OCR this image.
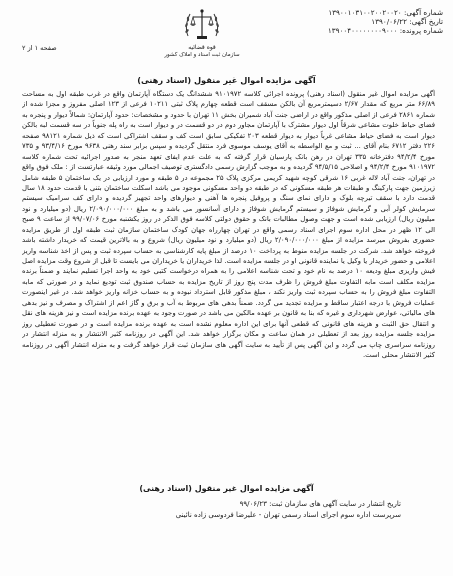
شماره آگهی: ۱۳۹۰۰۱۰۳۱۰۰۲۰۰۲۰۰۲۰
تاریخ آگهی: ۱۳۹۰/۰۶/۲۲
شماره پرونده: ۱۳۹۰۰۴۰۰۰۰۰۰۰۰۹۰۰۰
قوه قضائیه
سازمان ثبت اسناد و املاک کشور
صفحه ۱ از ۲
آگهی مزایده اموال غیر منقول (اسناد رهنی)
آگهی مزایده اموال غیر منقول (اسناد رهنی) پرونده اجرائی کلاسه ۹۱۰۱۹۷۲ ششدانگ یک دستگاه آپارتمان واقع در غرب طبقه اول به مساحت ۶۶/۸۹ متر مربع که مقدار ۲/۶۷ دسیمترمربع آن بالکن مسقف است قطعه چهارم پلاک ثبتی ۱۰۲۱۱ فرعی از ۱۲۳ اصلی مفروز و مجزا شده از شماره ۲۸۶۱ فرعی از اصلی مذکور واقع در اراضی جنت آباد شمیران بخش ۱۱ تهران با حدود و مشخصات: حدود آپارتمان: شمالاً دیوار و پنجره به فضای حیاط خلوت مشاعی شرقاً اول دیوار مشترک با آپارتمان مجاور دوم در دو قسمت در و دیوار است به راه پله جنوباً در سه قسمت لبه بالکن دیوار است به فضای حیاط مشاعی غرباً دیوار به دیوار قطعه ۲۰۳ تفکیکی سابق است کف و سقف اشتراکی است که ذیل شماره ۹۸۱۲۱ صفحه ۲۲۶ دفتر ۶۷۱۲ بنام آقای ... ثبت و مع الواسطه به آقای یوسف موسوی فرد منتقل گردیده و سپس برابر سند رهنی ۹۶۳۸ مورخ ۹۳/۴/۱۶ و ۷۳۵ مورخ ۹۴/۲/۴ دفترخانه ۳۳۵ تهران در رهن بانک پارسیان قرار گرفته که به علت عدم ایفای تعهد منجر به صدور اجرائیه تحت شماره کلاسه ۹۱۰۱۹۷۲ مورخ ۹۴/۲/۴ و اصلاحی ۹۴/۵/۱۵ گردیده و به موجب گزارش رسمی دادگستری توصیف اجمالی مورد وثیقه عبارتست از : ملک فوق واقع در تهران، جنت آباد لاله غربی ۱۶ شرقی کوچه شهید کریمی مرکزی پلاک ۲۵ مجموعه در ۵ طبقه و مورد ارزیابی در یک ساختمان ۵ طبقه شامل زیرزمین جهت پارکینگ و طبقات هر طبقه مسکونی که در طبقه دو واحد مسکونی موجود می باشد اسکلت ساختمان بتنی با قدمت حدود ۱۸ سال قدمت دارد با سقف تیرچه بلوک و دارای نمای سنگ و پروفیل پنجره ها آهنی و دیوارهای واحد تجهیز گردیده و دارای کف سرامیک سیستم سرمایش کولر آبی و گرمایش شوفاژ و سیستم گرمایش شوفاژ و دارای آسانسور می باشد و به مبلغ ۲/۰۹۰/۰۰۰/۰۰۰ ریال (دو میلیارد و نود میلیون ریال) ارزیابی شده است و جهت وصول مطالبات بانک و حقوق دولتی کلاسه فوق الذکر در روز یکشنبه مورخ ۹۹/۰۷/۰۶ از ساعت ۹ صبح الی ۱۲ ظهر در محل اداره سوم اجرای اسناد رسمی واقع در تهران چهارراه جهان کودک ساختمان سازمان ثبت طبقه اول از طریق مزایده حضوری بفروش میرسد مزایده از مبلغ ۲/۰۹۰/۰۰۰/۰۰۰ ریال (دو میلیارد و نود میلیون ریال) شروع و به بالاترین قیمت که خریدار داشته باشد فروخته خواهد شد. شرکت در جلسه مزایده منوط به پرداخت ۱۰ درصد از مبلغ پایه کارشناسی به حساب سپرده ثبت و پس از اخذ شناسه واریز اعلامی و حضور خریدار یا وکیل یا نماینده قانونی او در جلسه مزایده است. لذا خریداران یا خریداران می بایست تا قبل از شروع وقت مزایده اصل فیش واریزی مبلغ ودیعه ۱۰ درصد به نام خود و تحت شناسه اعلامی را به همراه درخواست کتبی خود به واحد اجرا تسلیم نمایند و ضمناً برنده مزایده مکلف است مابه التفاوت مبلغ فروش را ظرف مدت پنج روز از تاریخ مزایده به حساب صندوق ثبت تودیع نماید و در صورتی که مابه التفاوت مبلغ فروش را به حساب سپرده ثبت واریز نکند ، مبلغ مذکور قابل استرداد نبوده و به حساب خزانه واریز خواهد شد. در غیر اینصورت عملیات فروش با درجه اعتبار ساقط و مزایده تجدید می گردد. ضمناً بدهی های مربوط به آب و برق و گاز اعم از اشتراک و مصرف و نیز بدهی های مالیاتی، عوارض شهرداری و غیره که بنا به قانون بر عهده مالکین می باشد در صورت وجود به عهده برنده مزایده است و نیز هزینه های نقل و انتقال حق الثبت و هزینه های قانونی که قطعی آنها برای این اداره معلوم نشده است به عهده برنده مزایده است و در صورت تعطیلی روز مزایده جلسه مزایده روز بعد از تعطیلی در همان ساعت و مکان برگزار خواهد شد. این آگهی در روزنامه کثیر الانتشار و به منزله انتشار در روزنامه سراسری چاپ می گردد و این آگهی پس از تأیید به سایت آگهی های سازمان ثبت قرار خواهد گرفت و به منزله انتشار آگهی در روزنامه کثیر الانتشار محلی است.
آگهی مزایده اموال غیر منقول (اسناد رهنی)
تاریخ انتشار در سایت آگهی های سازمان ثبت: ۹۹/۰۶/۲۳
سرپرست اداره سوم اجرای اسناد رسمی تهران - علیرضا فردوسی زاده نائینی
